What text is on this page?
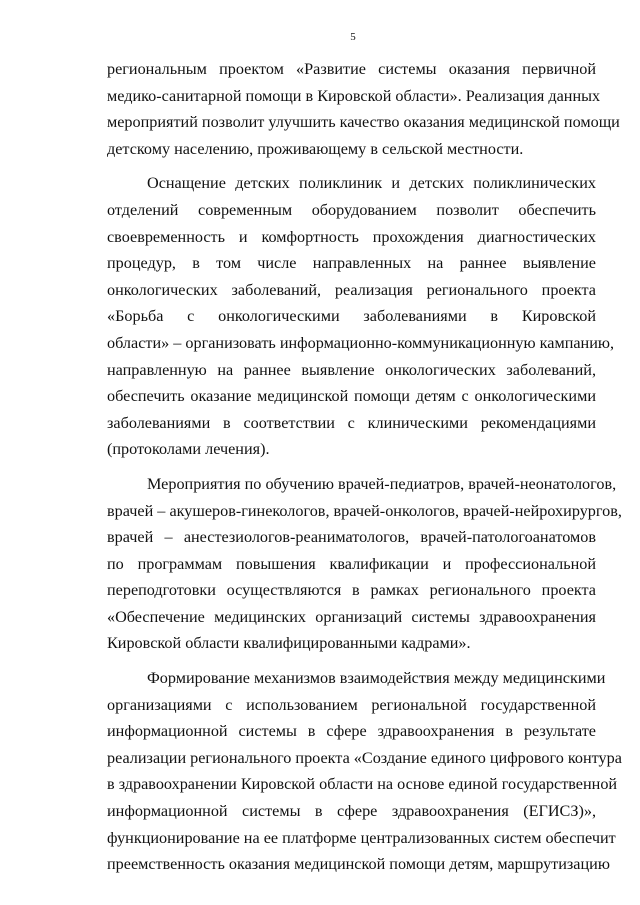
5
региональным проектом «Развитие системы оказания первичной
медико-санитарной помощи в Кировской области». Реализация данных
мероприятий позволит улучшить качество оказания медицинской помощи
детскому населению, проживающему в сельской местности.
Оснащение детских поликлиник и детских поликлинических
отделений современным оборудованием позволит обеспечить
своевременность и комфортность прохождения диагностических
процедур, в том числе направленных на раннее выявление
онкологических заболеваний, реализация регионального проекта
«Борьба с онкологическими заболеваниями в Кировской
области» – организовать информационно-коммуникационную кампанию,
направленную на раннее выявление онкологических заболеваний,
обеспечить оказание медицинской помощи детям с онкологическими
заболеваниями в соответствии с клиническими рекомендациями
(протоколами лечения).
Мероприятия по обучению врачей-педиатров, врачей-неонатологов,
врачей – акушеров-гинекологов, врачей-онкологов, врачей-нейрохирургов,
врачей – анестезиологов-реаниматологов, врачей-патологоанатомов
по программам повышения квалификации и профессиональной
переподготовки осуществляются в рамках регионального проекта
«Обеспечение медицинских организаций системы здравоохранения
Кировской области квалифицированными кадрами».
Формирование механизмов взаимодействия между медицинскими
организациями с использованием региональной государственной
информационной системы в сфере здравоохранения в результате
реализации регионального проекта «Создание единого цифрового контура
в здравоохранении Кировской области на основе единой государственной
информационной системы в сфере здравоохранения (ЕГИСЗ)»,
функционирование на ее платформе централизованных систем обеспечит
преемственность оказания медицинской помощи детям, маршрутизацию
